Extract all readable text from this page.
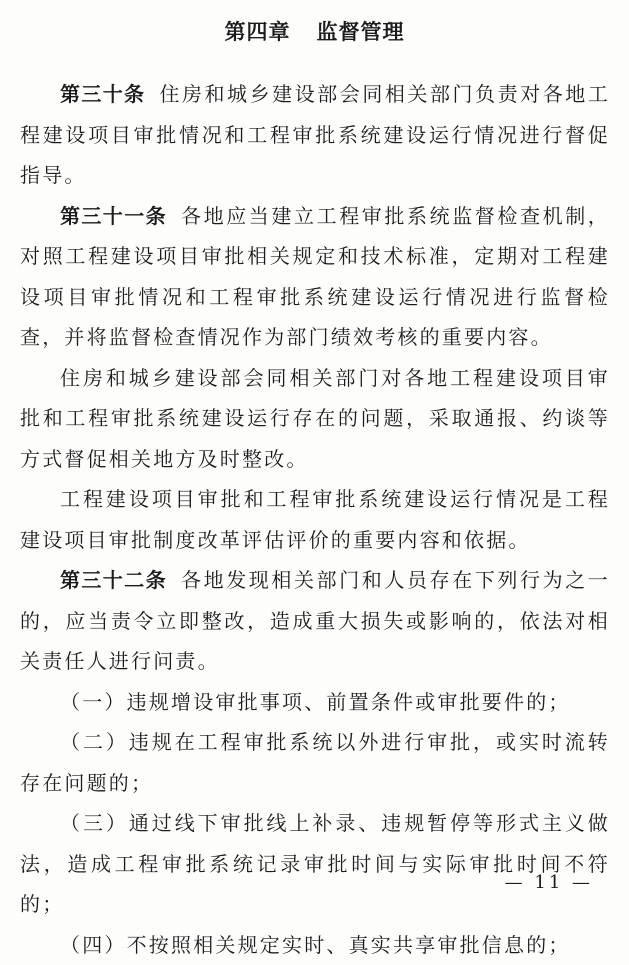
第四章 监督管理

第三十条 住房和城乡建设部会同相关部门负责对各地工程建设项目审批情况和工程审批系统建设运行情况进行督促指导。

第三十一条 各地应当建立工程审批系统监督检查机制，对照工程建设项目审批相关规定和技术标准，定期对工程建设项目审批情况和工程审批系统建设运行情况进行监督检查，并将监督检查情况作为部门绩效考核的重要内容。

住房和城乡建设部会同相关部门对各地工程建设项目审批和工程审批系统建设运行存在的问题，采取通报、约谈等方式督促相关地方及时整改。

工程建设项目审批和工程审批系统建设运行情况是工程建设项目审批制度改革评估评价的重要内容和依据。

第三十二条 各地发现相关部门和人员存在下列行为之一的，应当责令立即整改，造成重大损失或影响的，依法对相关责任人进行问责。

（一）违规增设审批事项、前置条件或审批要件的；

（二）违规在工程审批系统以外进行审批，或实时流转存在问题的；

（三）通过线下审批线上补录、违规暂停等形式主义做法，造成工程审批系统记录审批时间与实际审批时间不符的；

（四）不按照相关规定实时、真实共享审批信息的；

— 11 —
